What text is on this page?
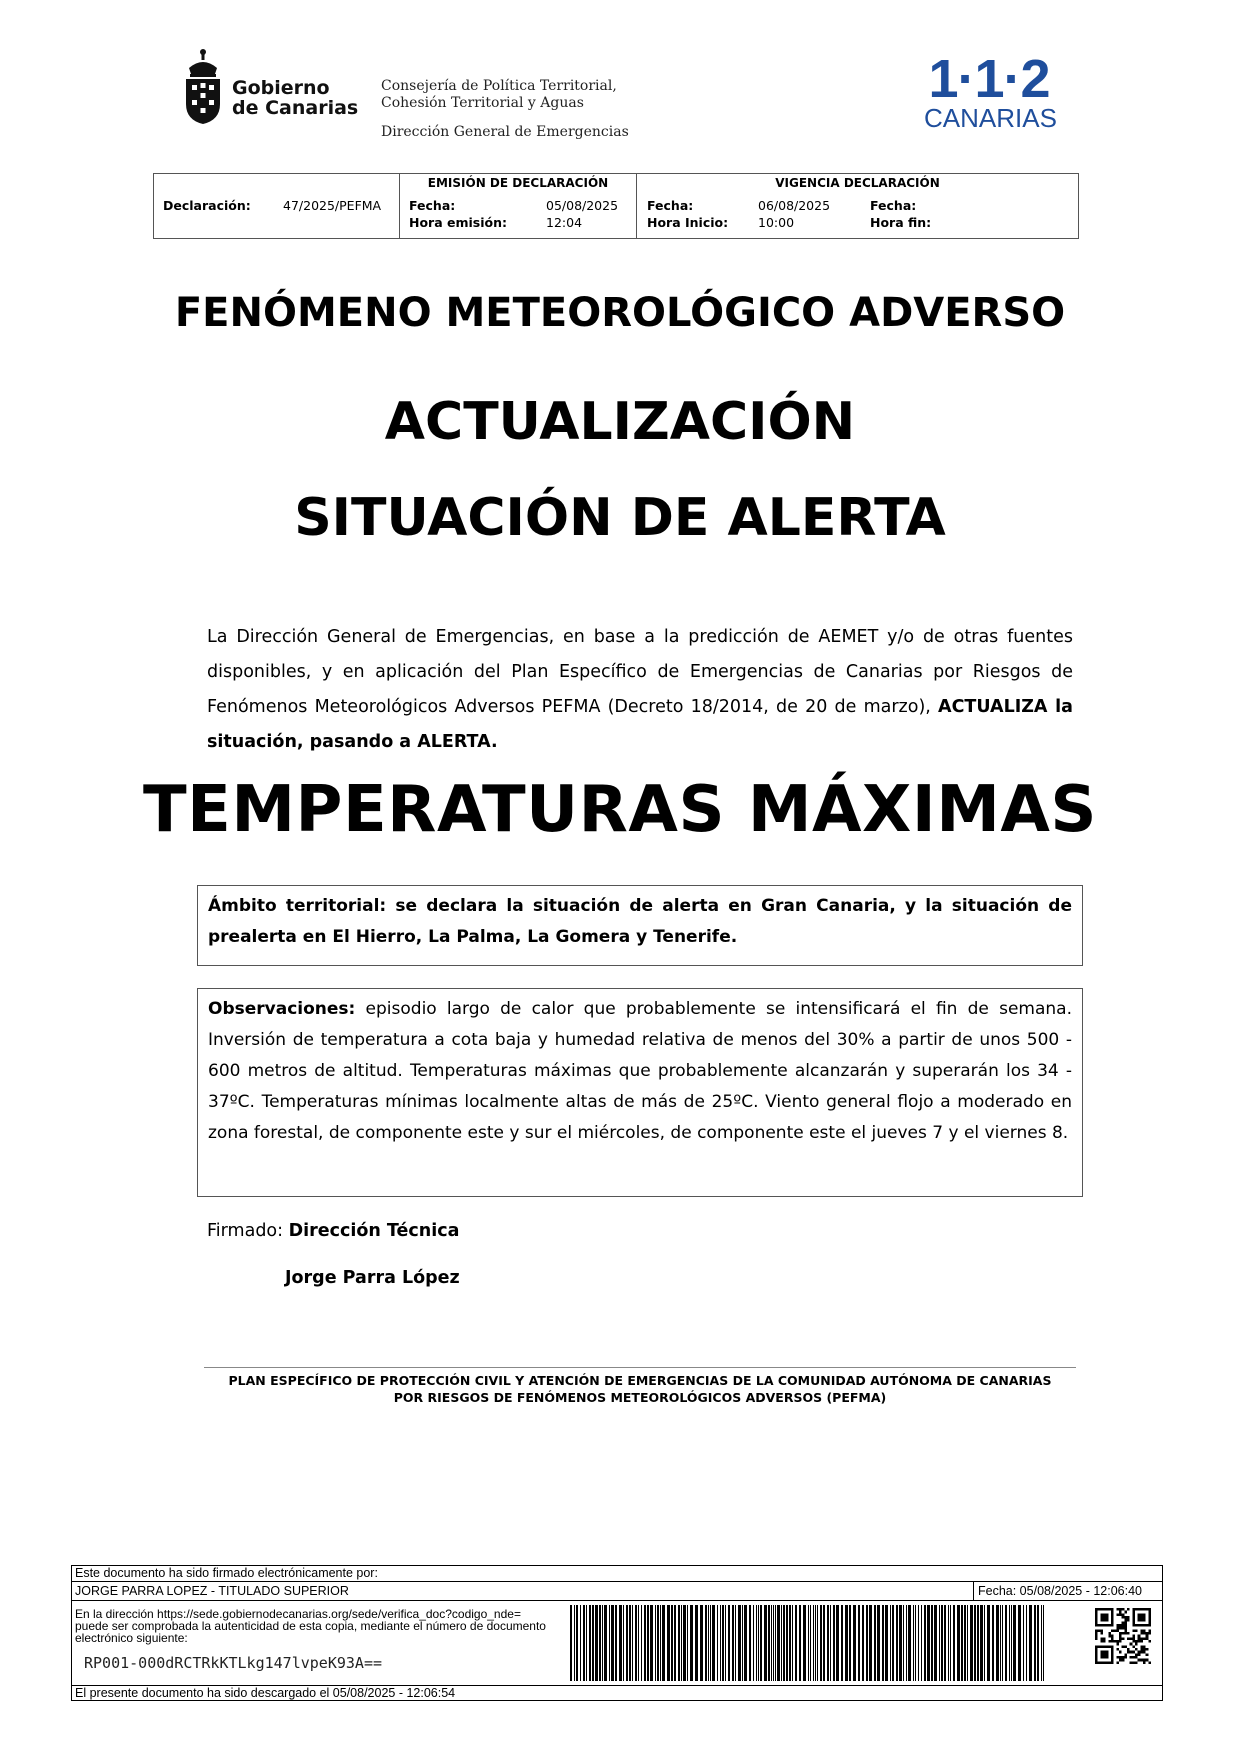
Gobierno
de Canarias
Consejería de Política Territorial,
Cohesión Territorial y Aguas
Dirección General de Emergencias
1·1·2
CANARIAS
Declaración:	47/2025/PEFMA
EMISIÓN DE DECLARACIÓN
Fecha:	05/08/2025
Hora emisión:	12:04
VIGENCIA DECLARACIÓN
Fecha:	06/08/2025
Hora Inicio: 10:00
Fecha:
Hora fin:
FENÓMENO METEOROLÓGICO ADVERSO
ACTUALIZACIÓN
SITUACIÓN DE ALERTA
La Dirección General de Emergencias, en base a la predicción de AEMET y/o de otras fuentes disponibles, y en aplicación del Plan Específico de Emergencias de Canarias por Riesgos de Fenómenos Meteorológicos Adversos PEFMA (Decreto 18/2014, de 20 de marzo), ACTUALIZA la situación, pasando a ALERTA.
TEMPERATURAS MÁXIMAS
Ámbito territorial: se declara la situación de alerta en Gran Canaria, y la situación de prealerta en El Hierro, La Palma, La Gomera y Tenerife.
Observaciones: episodio largo de calor que probablemente se intensificará el fin de semana. Inversión de temperatura a cota baja y humedad relativa de menos del 30% a partir de unos 500 - 600 metros de altitud. Temperaturas máximas que probablemente alcanzarán y superarán los 34 - 37ºC. Temperaturas mínimas localmente altas de más de 25ºC. Viento general flojo a moderado en zona forestal, de componente este y sur el miércoles, de componente este el jueves 7 y el viernes 8.
Firmado: Dirección Técnica
Jorge Parra López
PLAN ESPECÍFICO DE PROTECCIÓN CIVIL Y ATENCIÓN DE EMERGENCIAS DE LA COMUNIDAD AUTÓNOMA DE CANARIAS
POR RIESGOS DE FENÓMENOS METEOROLÓGICOS ADVERSOS (PEFMA)
Este documento ha sido firmado electrónicamente por:
JORGE PARRA LOPEZ - TITULADO SUPERIOR	Fecha: 05/08/2025 - 12:06:40
En la dirección https://sede.gobiernodecanarias.org/sede/verifica_doc?codigo_nde= puede ser comprobada la autenticidad de esta copia, mediante el número de documento electrónico siguiente:
RP001-000dRCTRkKTLkg147lvpeK93A==
El presente documento ha sido descargado el 05/08/2025 - 12:06:54
